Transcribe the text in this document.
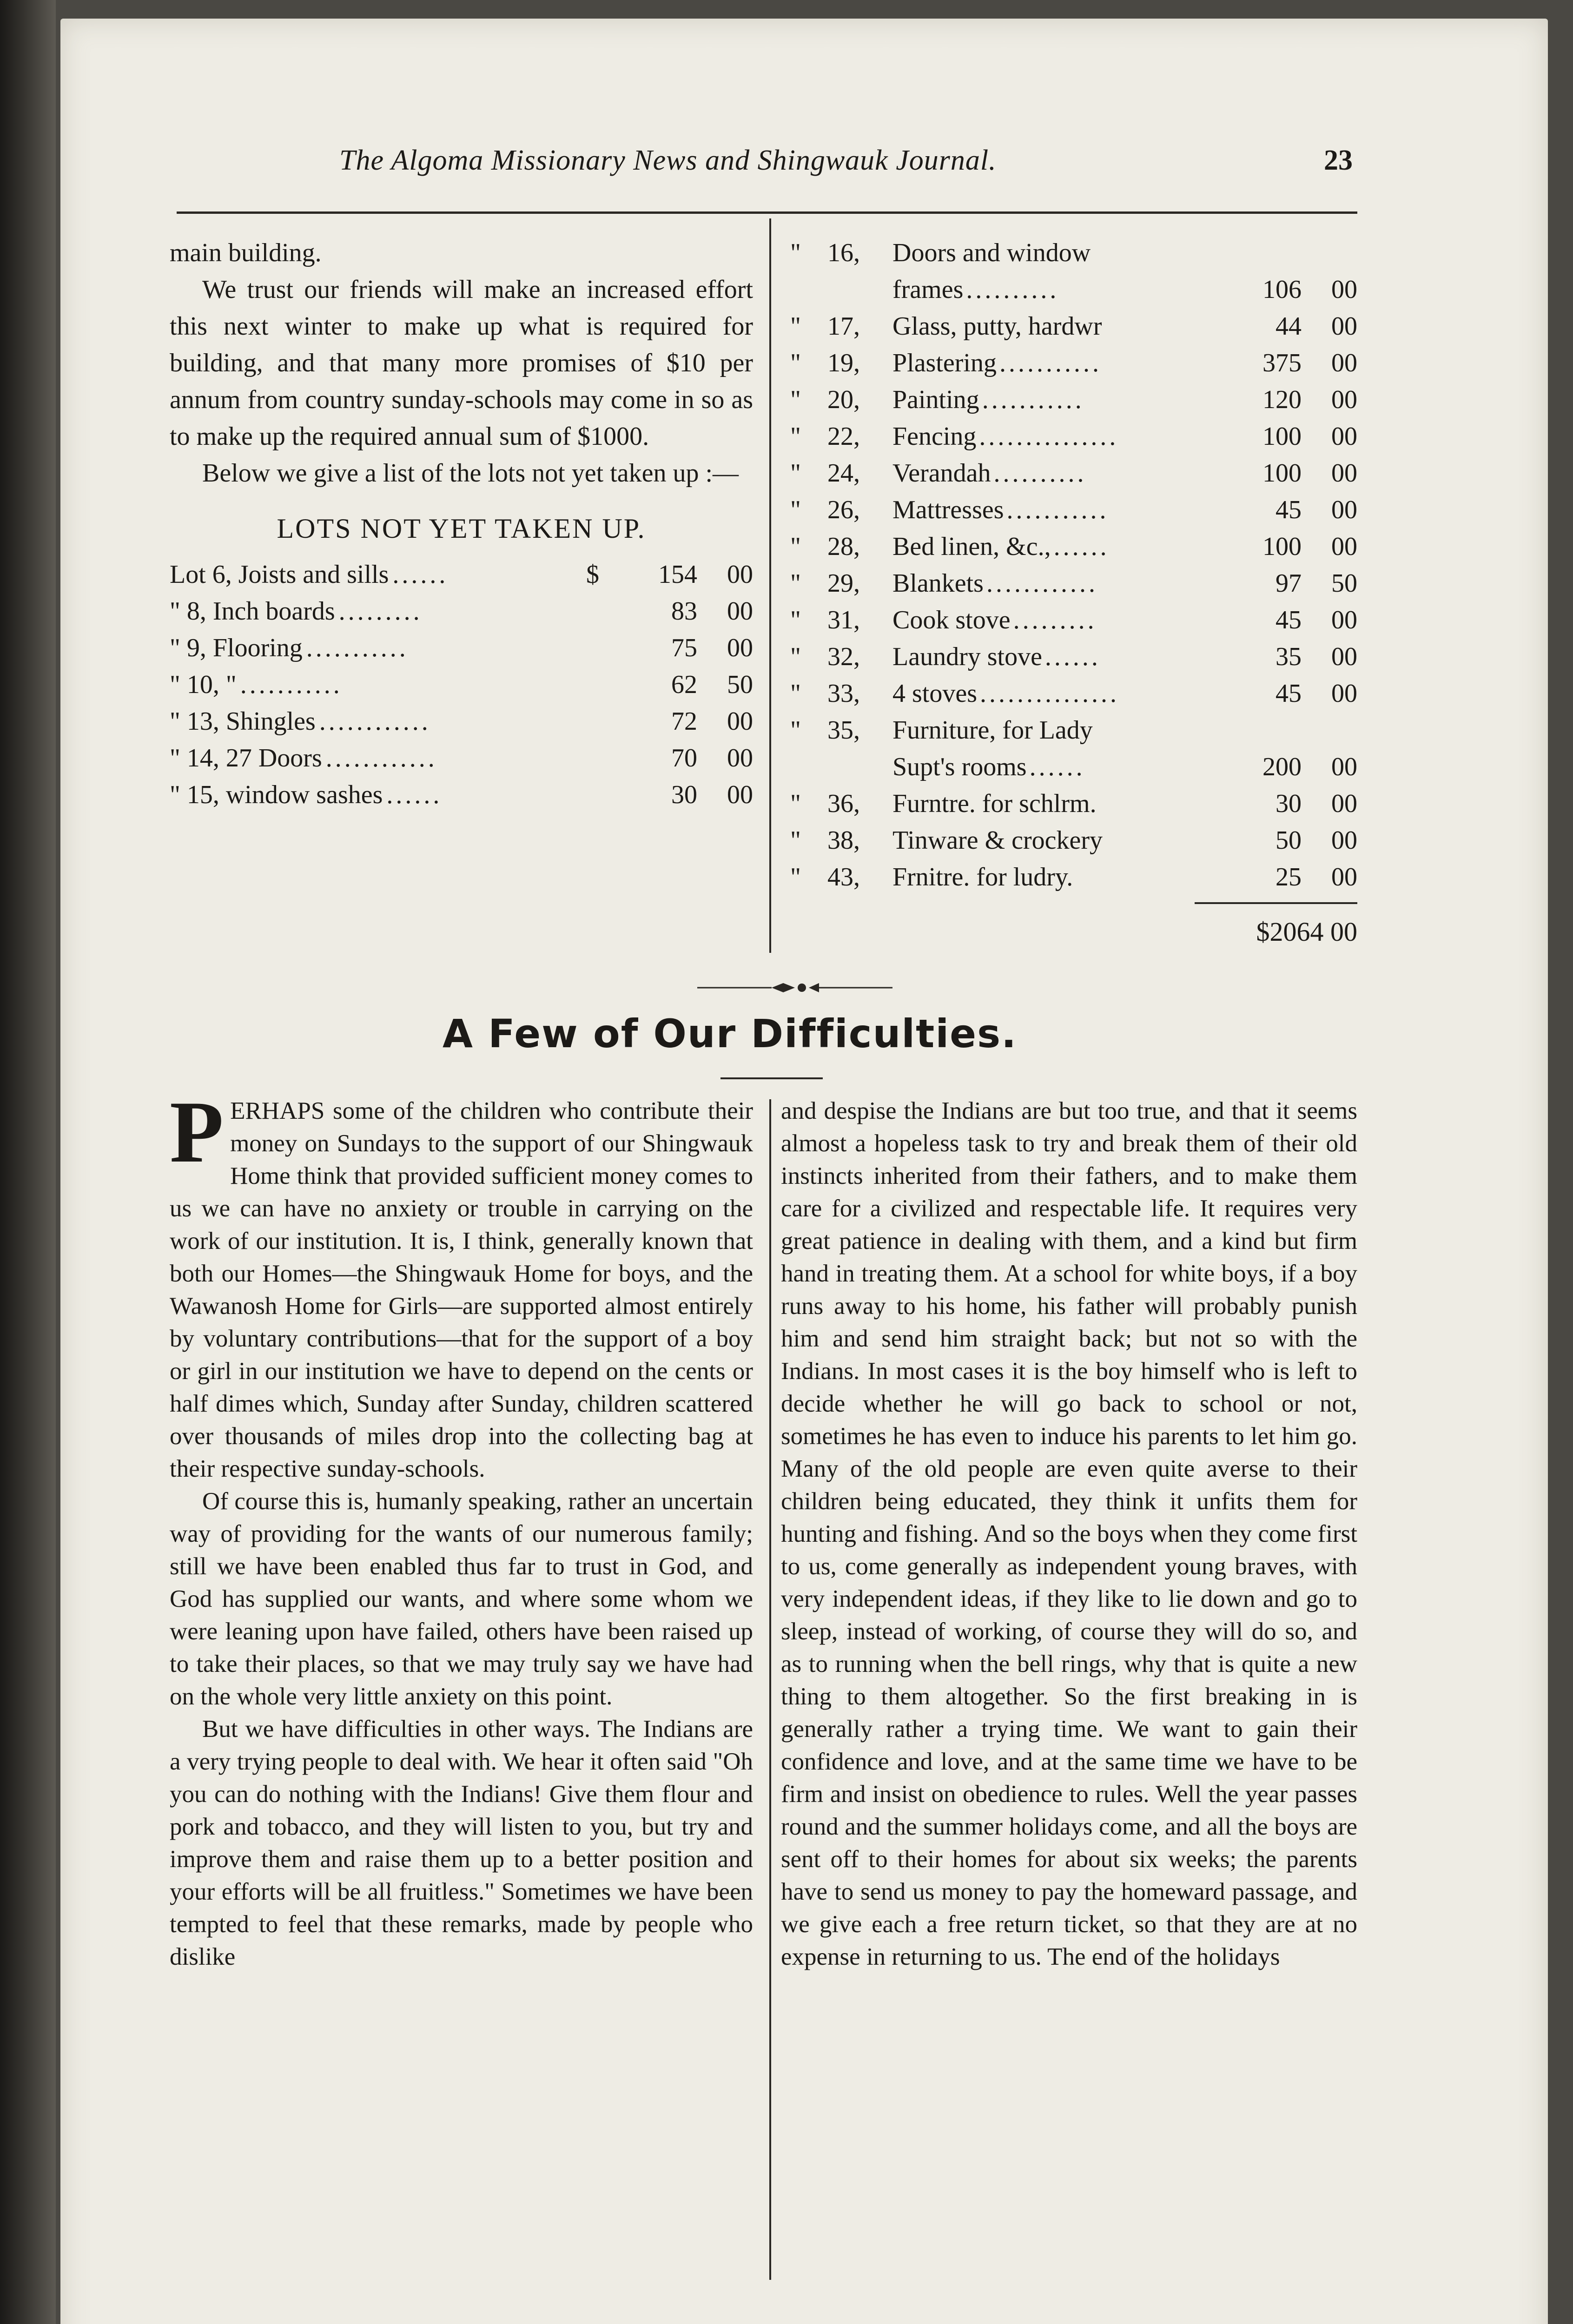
The Algoma Missionary News and Shingwauk Journal.	23

main building.

We trust our friends will make an increased effort this next winter to make up what is required for building, and that many more promises of $10 per annum from country sunday-schools may come in so as to make up the required annual sum of $1000.

Below we give a list of the lots not yet taken up :—

LOTS NOT YET TAKEN UP.
Lot 6, Joists and sills ......	$	154	00
" 8, Inch boards .........	83	00
" 9, Flooring ...........	75	00
" 10, " ...........	62	50
" 13, Shingles ............	72	00
" 14, 27 Doors ............	70	00
" 15, window sashes ......	30	00
"	16,	Doors and window
frames ..........	106	00
"	17,	Glass, putty, hardwr	44	00
"	19,	Plastering ...........	375	00
"	20,	Painting ...........	120	00
"	22,	Fencing ...............	100	00
"	24,	Verandah ..........	100	00
"	26,	Mattresses ...........	45	00
"	28,	Bed linen, &c., ......	100	00
"	29,	Blankets ............	97	50
"	31,	Cook stove .........	45	00
"	32,	Laundry stove ......	35	00
"	33,	4 stoves ...............	45	00
"	35,	Furniture, for Lady
Supt's rooms ......	200	00
"	36,	Furntre. for schlrm.	30	00
"	38,	Tinware & crockery	50	00
"	43,	Frnitre. for ludry.	25	00
$2064 00
A Few of Our Difficulties.

PERHAPS some of the children who contribute their money on Sundays to the support of our Shingwauk Home think that provided sufficient money comes to us we can have no anxiety or trouble in carrying on the work of our institution. It is, I think, generally known that both our Homes—the Shingwauk Home for boys, and the Wawanosh Home for Girls—are supported almost entirely by voluntary contributions—that for the support of a boy or girl in our institution we have to depend on the cents or half dimes which, Sunday after Sunday, children scattered over thousands of miles drop into the collecting bag at their respective sunday-schools.

Of course this is, humanly speaking, rather an uncertain way of providing for the wants of our numerous family; still we have been enabled thus far to trust in God, and God has supplied our wants, and where some whom we were leaning upon have failed, others have been raised up to take their places, so that we may truly say we have had on the whole very little anxiety on this point.

But we have difficulties in other ways. The Indians are a very trying people to deal with. We hear it often said "Oh you can do nothing with the Indians! Give them flour and pork and tobacco, and they will listen to you, but try and improve them and raise them up to a better position and your efforts will be all fruitless." Sometimes we have been tempted to feel that these remarks, made by people who dislike

and despise the Indians are but too true, and that it seems almost a hopeless task to try and break them of their old instincts inherited from their fathers, and to make them care for a civilized and respectable life. It requires very great patience in dealing with them, and a kind but firm hand in treating them. At a school for white boys, if a boy runs away to his home, his father will probably punish him and send him straight back; but not so with the Indians. In most cases it is the boy himself who is left to decide whether he will go back to school or not, sometimes he has even to induce his parents to let him go. Many of the old people are even quite averse to their children being educated, they think it unfits them for hunting and fishing. And so the boys when they come first to us, come generally as independent young braves, with very independent ideas, if they like to lie down and go to sleep, instead of working, of course they will do so, and as to running when the bell rings, why that is quite a new thing to them altogether. So the first breaking in is generally rather a trying time. We want to gain their confidence and love, and at the same time we have to be firm and insist on obedience to rules. Well the year passes round and the summer holidays come, and all the boys are sent off to their homes for about six weeks; the parents have to send us money to pay the homeward passage, and we give each a free return ticket, so that they are at no expense in returning to us. The end of the holidays
